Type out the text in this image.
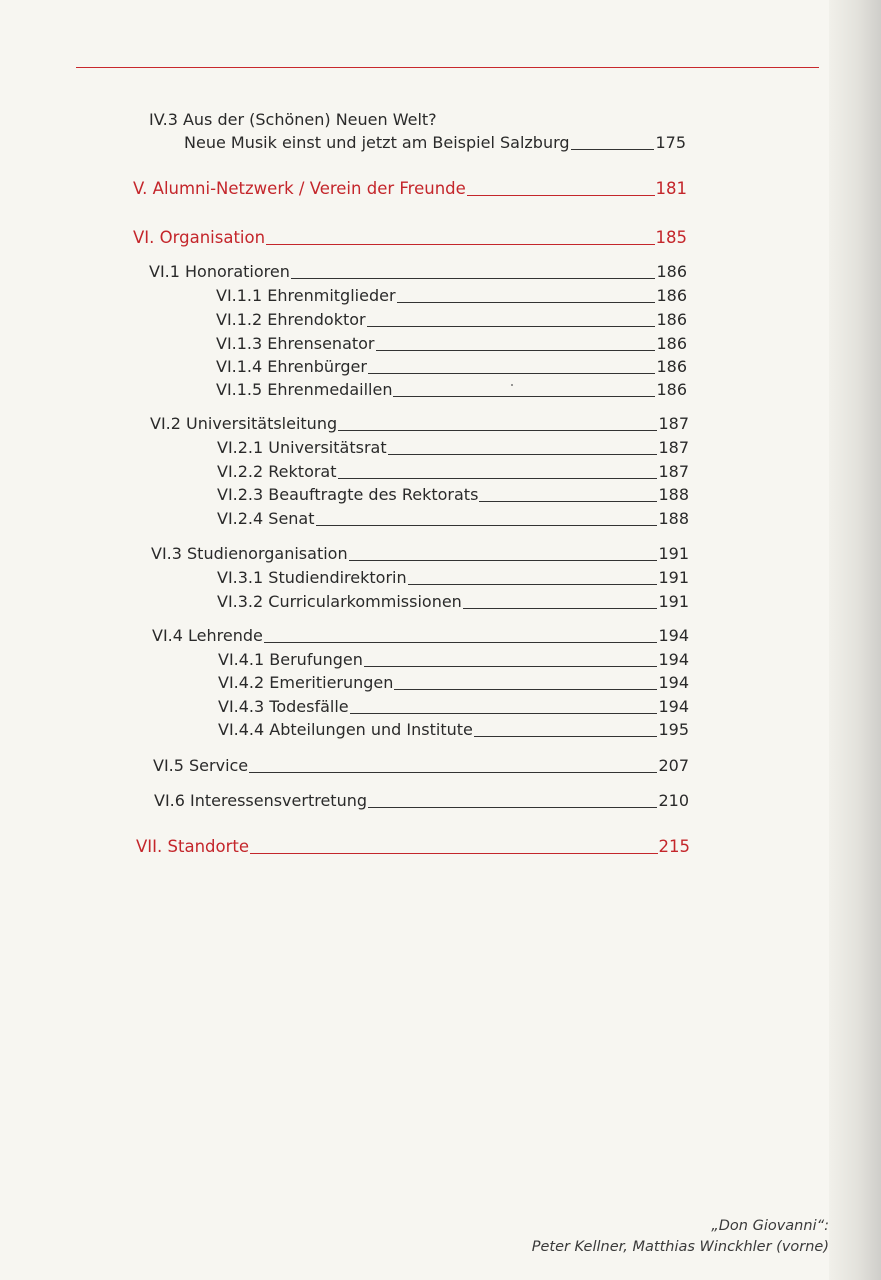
IV.3 Aus der (Schönen) Neuen Welt?
Neue Musik einst und jetzt am Beispiel Salzburg	175
V. Alumni-Netzwerk / Verein der Freunde	181
VI. Organisation	185
VI.1 Honoratioren	186
VI.1.1 Ehrenmitglieder	186
VI.1.2 Ehrendoktor	186
VI.1.3 Ehrensenator	186
VI.1.4 Ehrenbürger	186
VI.1.5 Ehrenmedaillen	186
VI.2 Universitätsleitung	187
VI.2.1 Universitätsrat	187
VI.2.2 Rektorat	187
VI.2.3 Beauftragte des Rektorats	188
VI.2.4 Senat	188
VI.3 Studienorganisation	191
VI.3.1 Studiendirektorin	191
VI.3.2 Curricularkommissionen	191
VI.4 Lehrende	194
VI.4.1 Berufungen	194
VI.4.2 Emeritierungen	194
VI.4.3 Todesfälle	194
VI.4.4 Abteilungen und Institute	195
VI.5 Service	207
VI.6 Interessensvertretung	210
VII. Standorte	215
„Don Giovanni“:
Peter Kellner, Matthias Winckhler (vorne)
